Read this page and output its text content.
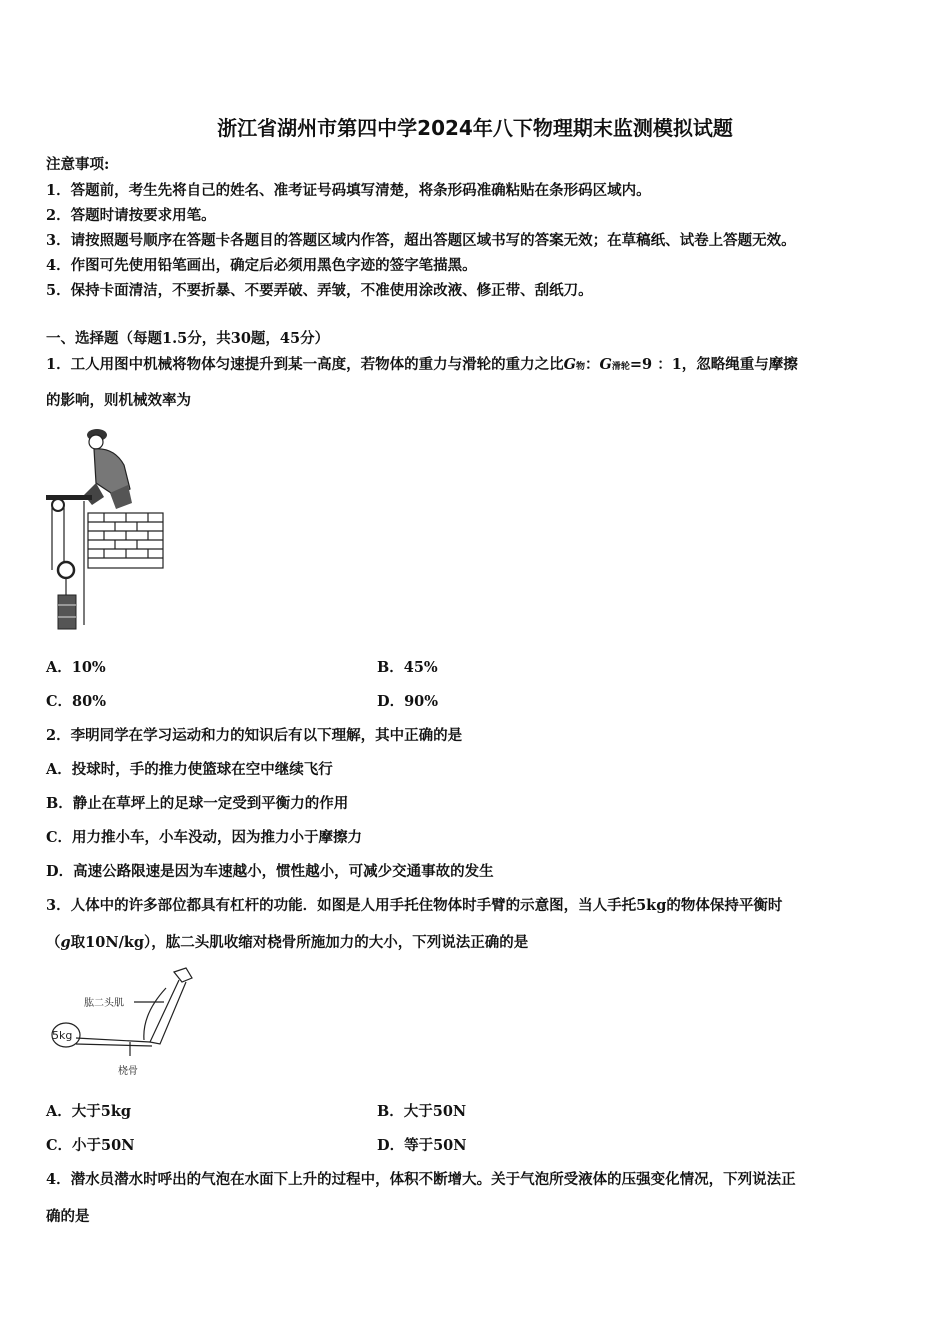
浙江省湖州市第四中学2024年八下物理期末监测模拟试题
注意事项:
1．答题前，考生先将自己的姓名、准考证号码填写清楚，将条形码准确粘贴在条形码区域内。
2．答题时请按要求用笔。
3．请按照题号顺序在答题卡各题目的答题区域内作答，超出答题区域书写的答案无效；在草稿纸、试卷上答题无效。
4．作图可先使用铅笔画出，确定后必须用黑色字迹的签字笔描黑。
5．保持卡面清洁，不要折暴、不要弄破、弄皱，不准使用涂改液、修正带、刮纸刀。
一、选择题（每题1.5分，共30题，45分）
1．工人用图中机械将物体匀速提升到某一高度，若物体的重力与滑轮的重力之比G物：G滑轮=9 ：1，忽略绳重与摩擦
的影响，则机械效率为
A．10%	B．45%
C．80%	D．90%
2．李明同学在学习运动和力的知识后有以下理解，其中正确的是
A．投球时，手的推力使篮球在空中继续飞行
B．静止在草坪上的足球一定受到平衡力的作用
C．用力推小车，小车没动，因为推力小于摩擦力
D．高速公路限速是因为车速越小，惯性越小，可减少交通事故的发生
3．人体中的许多部位都具有杠杆的功能．如图是人用手托住物体时手臂的示意图，当人手托5kg的物体保持平衡时
（g取10N/kg），肱二头肌收缩对桡骨所施加力的大小，下列说法正确的是
5kg
肱二头肌
桡骨
A．大于5kg	B．大于50N
C．小于50N	D．等于50N
4．潜水员潜水时呼出的气泡在水面下上升的过程中，体积不断增大。关于气泡所受液体的压强变化情况，下列说法正
确的是
